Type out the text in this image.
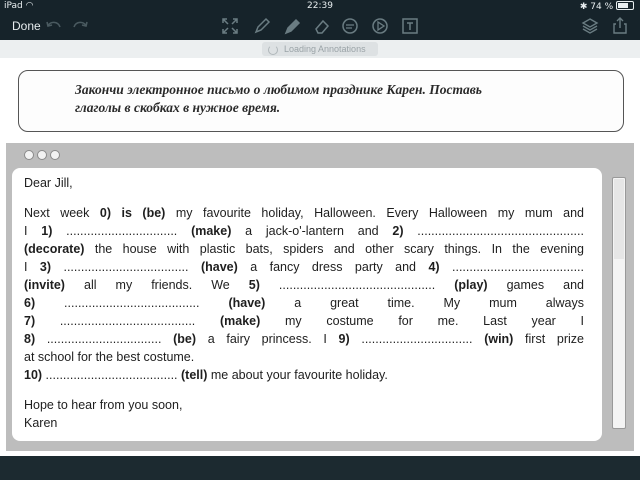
iPad ◠	22:39	✱ 74 %
Done
Loading Annotations
Закончи электронное письмо о любимом празднике Карен. Поставь
глаголы в скобках в нужное время.
Dear Jill,
Next week 0) is (be) my favourite holiday, Halloween. Every Halloween my mum and
I 1) ................................ (make) a jack-o'-lantern and 2) ................................................
(decorate) the house with plastic bats, spiders and other scary things. In the evening
I 3) .................................... (have) a fancy dress party and 4) ......................................
(invite) all my friends. We 5) ............................................. (play) games and
6) ....................................... (have) a great time. My mum always
7) ....................................... (make) my costume for me. Last year I
8) ................................. (be) a fairy princess. I 9) ................................ (win) first prize
at school for the best costume.
10) ...................................... (tell) me about your favourite holiday.
Hope to hear from you soon,
Karen
